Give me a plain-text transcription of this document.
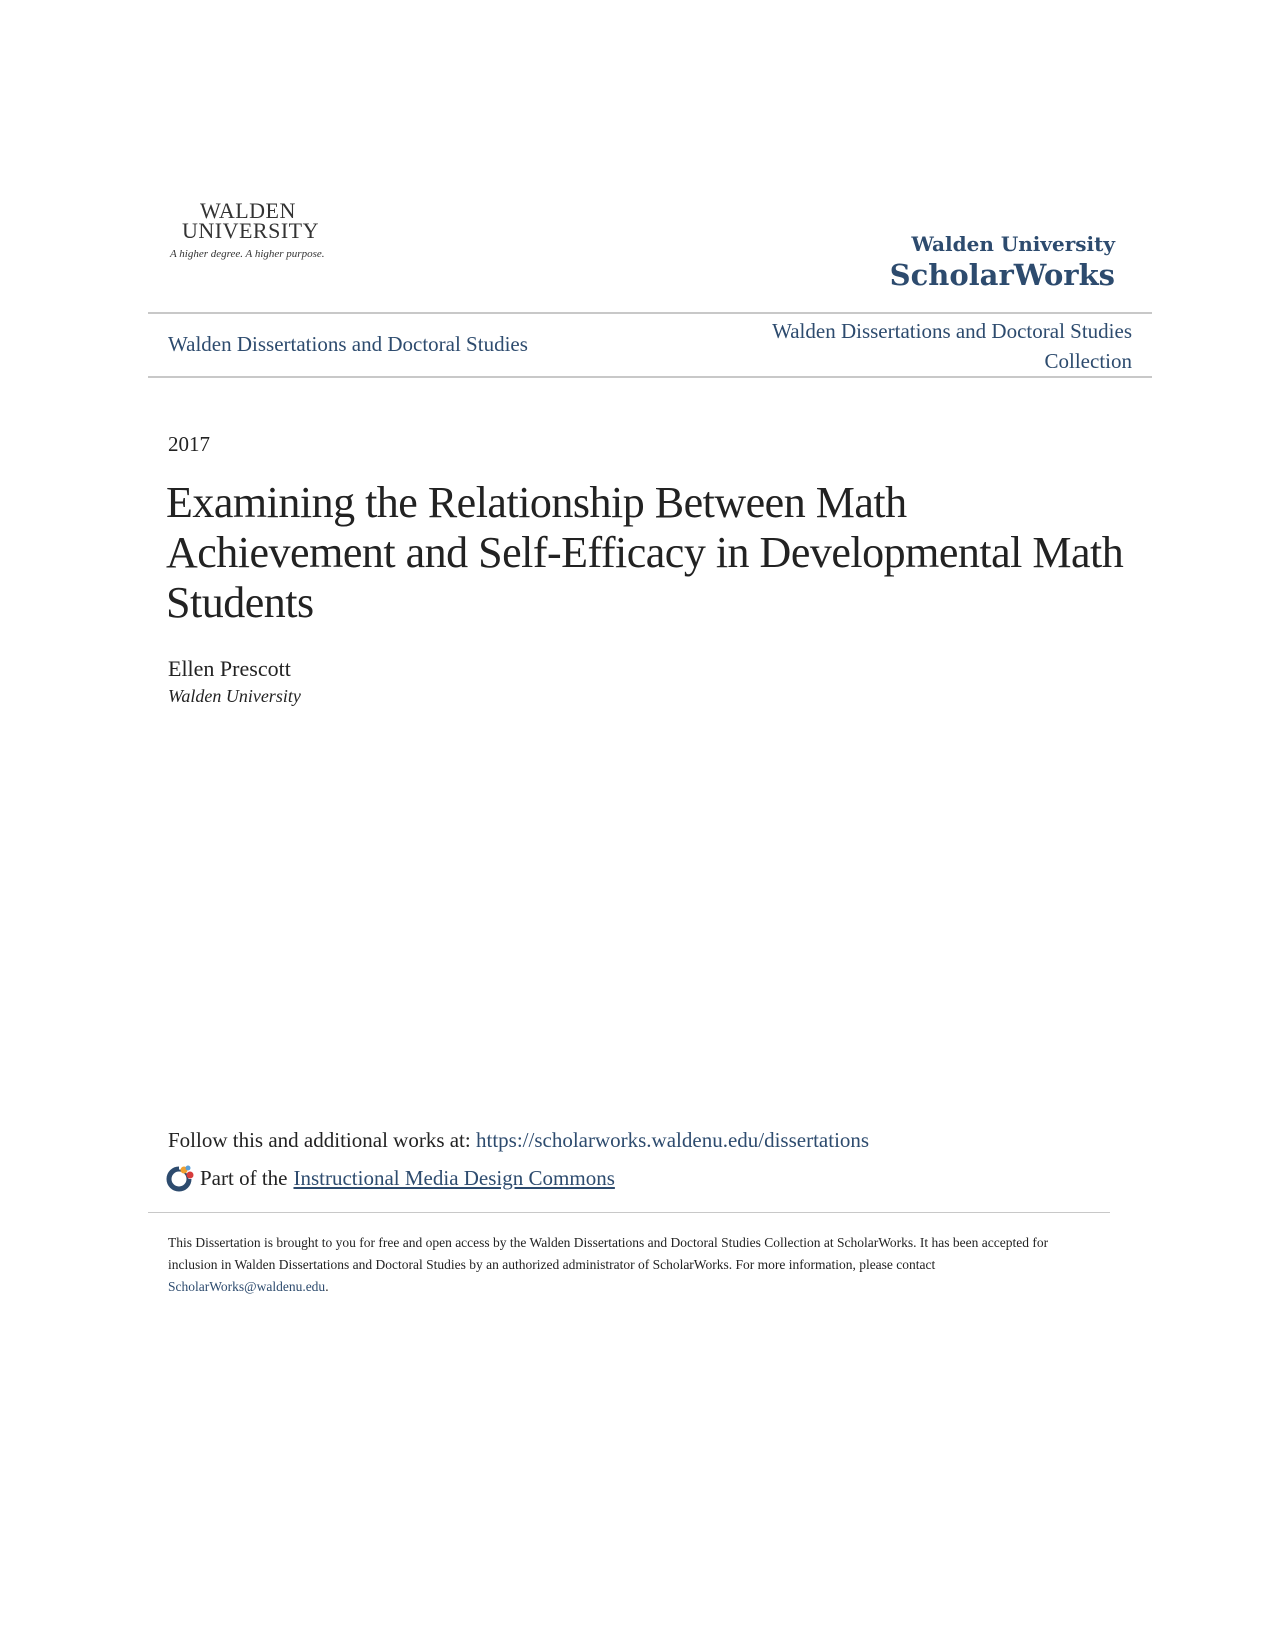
WALDEN
UNIVERSITY
A higher degree. A higher purpose.	Walden University
ScholarWorks
Walden Dissertations and Doctoral Studies
Walden Dissertations and Doctoral Studies
Collection
2017
Examining the Relationship Between Math Achievement and Self-Efficacy in Developmental Math Students
Ellen Prescott
Walden University
Follow this and additional works at: https://scholarworks.waldenu.edu/dissertations
Part of the Instructional Media Design Commons
This Dissertation is brought to you for free and open access by the Walden Dissertations and Doctoral Studies Collection at ScholarWorks. It has been accepted for inclusion in Walden Dissertations and Doctoral Studies by an authorized administrator of ScholarWorks. For more information, please contact ScholarWorks@waldenu.edu.
